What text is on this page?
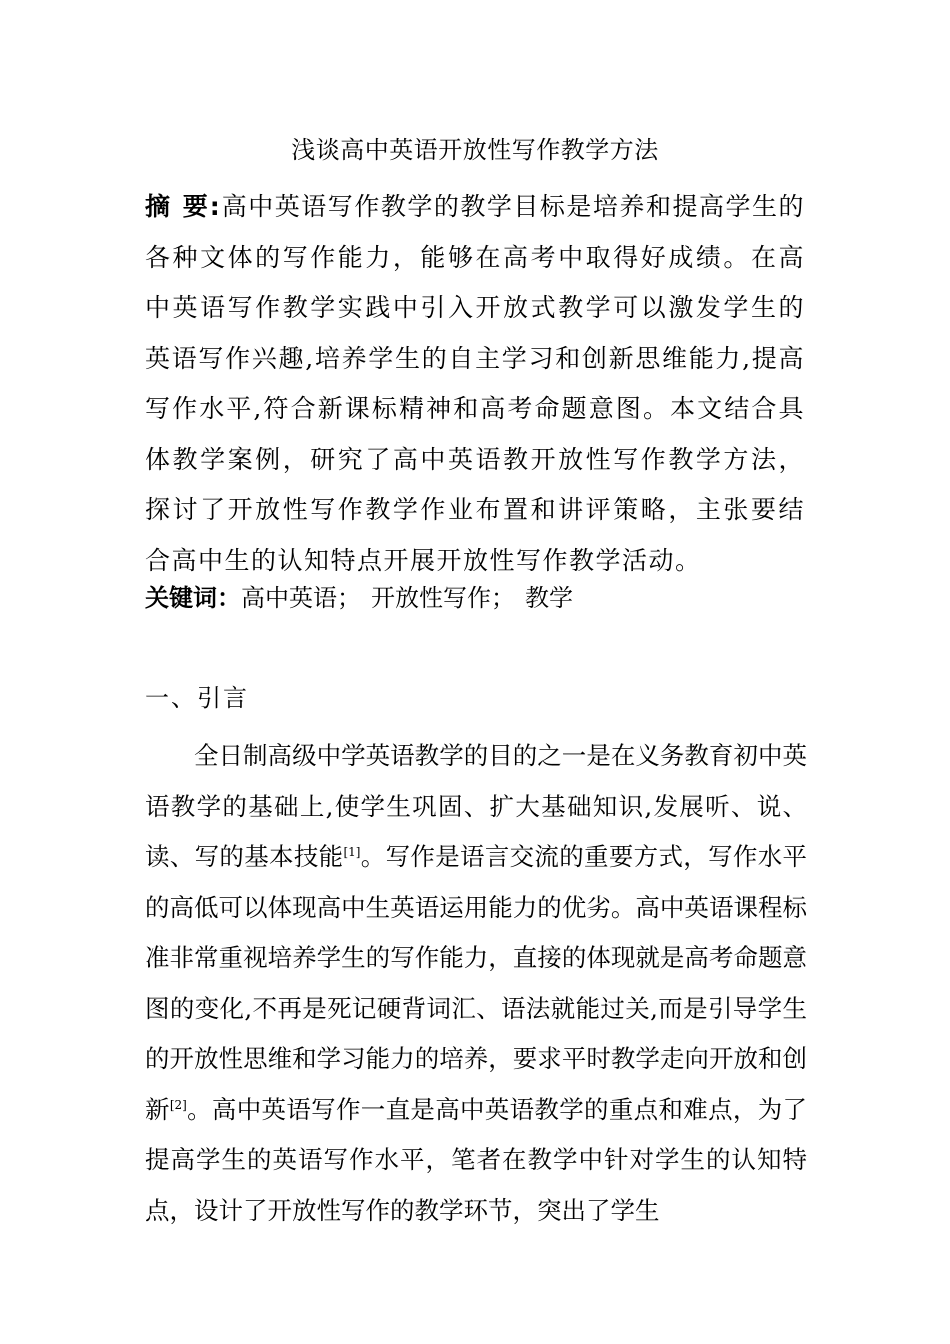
浅谈高中英语开放性写作教学方法

摘 要:高中英语写作教学的教学目标是培养和提高学生的各种文体的写作能力，能够在高考中取得好成绩。在高中英语写作教学实践中引入开放式教学可以激发学生的英语写作兴趣,培养学生的自主学习和创新思维能力,提高写作水平,符合新课标精神和高考命题意图。本文结合具体教学案例，研究了高中英语教开放性写作教学方法，探讨了开放性写作教学作业布置和讲评策略，主张要结合高中生的认知特点开展开放性写作教学活动。

关键词：高中英语； 开放性写作； 教学

一、引言

全日制高级中学英语教学的目的之一是在义务教育初中英语教学的基础上,使学生巩固、扩大基础知识,发展听、说、读、写的基本技能[1]。写作是语言交流的重要方式，写作水平的高低可以体现高中生英语运用能力的优劣。高中英语课程标准非常重视培养学生的写作能力，直接的体现就是高考命题意图的变化,不再是死记硬背词汇、语法就能过关,而是引导学生的开放性思维和学习能力的培养，要求平时教学走向开放和创新[2]。高中英语写作一直是高中英语教学的重点和难点，为了提高学生的英语写作水平，笔者在教学中针对学生的认知特点，设计了开放性写作的教学环节，突出了学生
